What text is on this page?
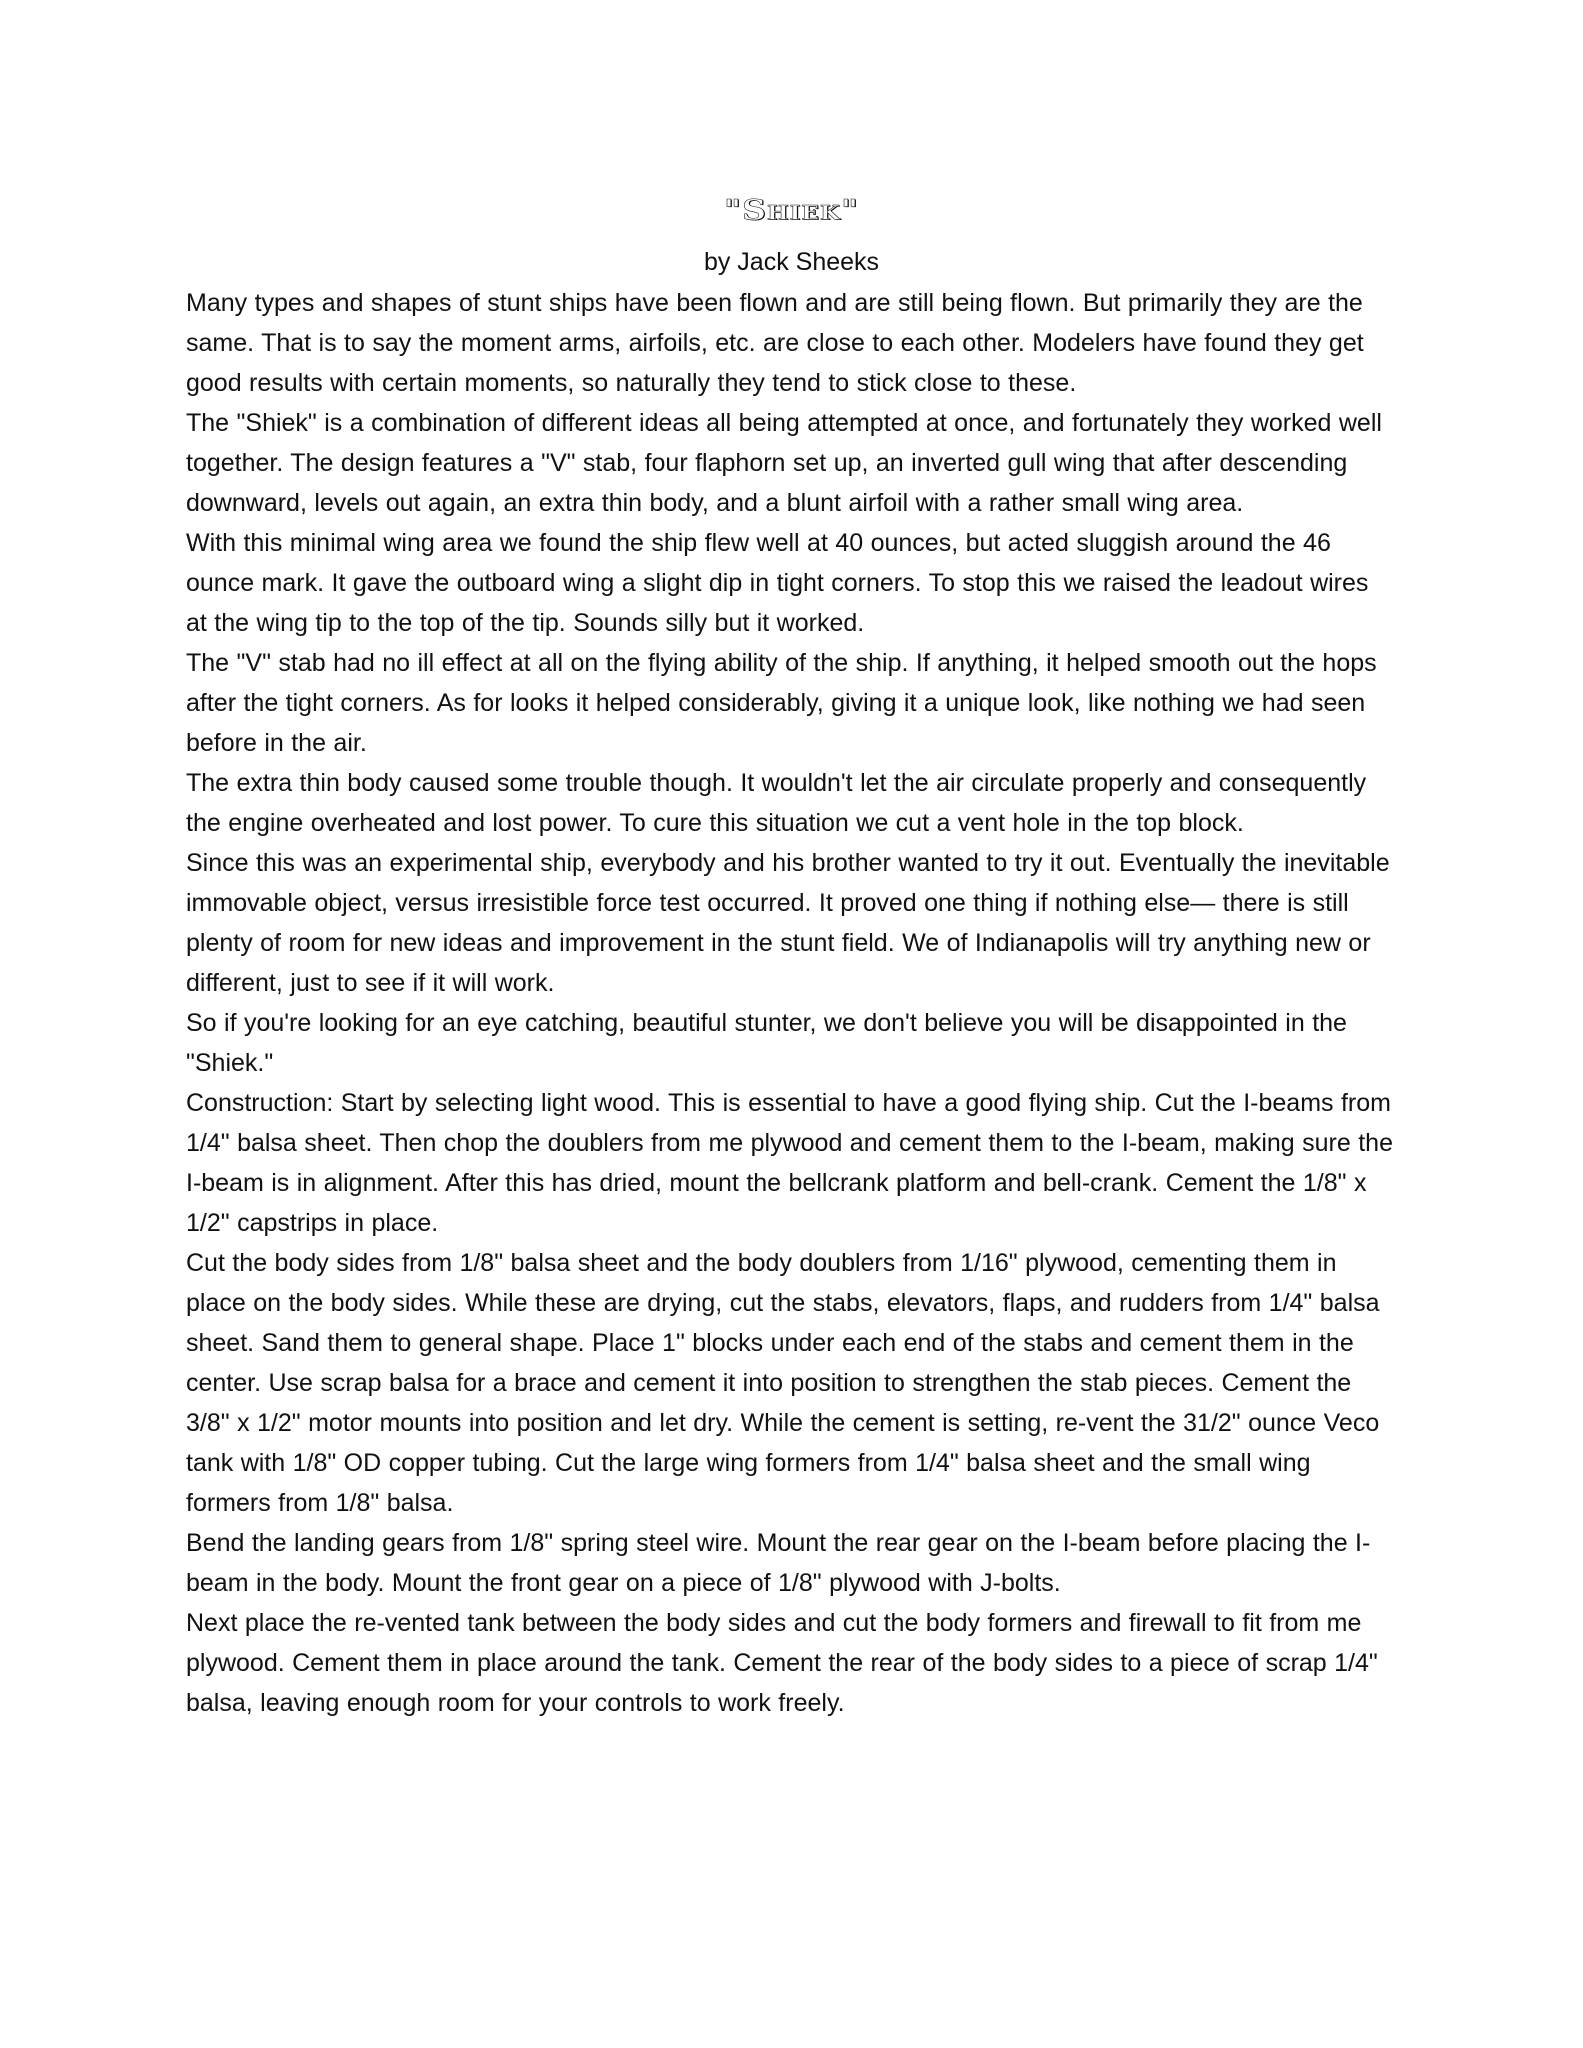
"Shiek"
by Jack Sheeks

Many types and shapes of stunt ships have been flown and are still being flown. But primarily they are the same. That is to say the moment arms, airfoils, etc. are close to each other. Modelers have found they get good results with certain moments, so naturally they tend to stick close to these.

The "Shiek" is a combination of different ideas all being attempted at once, and fortunately they worked well together. The design features a "V" stab, four flaphorn set up, an inverted gull wing that after descending downward, levels out again, an extra thin body, and a blunt airfoil with a rather small wing area.

With this minimal wing area we found the ship flew well at 40 ounces, but acted sluggish around the 46 ounce mark. It gave the outboard wing a slight dip in tight corners. To stop this we raised the leadout wires at the wing tip to the top of the tip. Sounds silly but it worked.

The "V" stab had no ill effect at all on the flying ability of the ship. If anything, it helped smooth out the hops after the tight corners. As for looks it helped considerably, giving it a unique look, like nothing we had seen before in the air.

The extra thin body caused some trouble though. It wouldn't let the air circulate properly and consequently the engine overheated and lost power. To cure this situation we cut a vent hole in the top block.

Since this was an experimental ship, everybody and his brother wanted to try it out. Eventually the inevitable immovable object, versus irresistible force test occurred. It proved one thing if nothing else— there is still plenty of room for new ideas and improvement in the stunt field. We of Indianapolis will try anything new or different, just to see if it will work.

So if you're looking for an eye catching, beautiful stunter, we don't believe you will be disappointed in the "Shiek."

Construction: Start by selecting light wood. This is essential to have a good flying ship. Cut the I-beams from 1/4" balsa sheet. Then chop the doublers from me plywood and cement them to the I-beam, making sure the I-beam is in alignment. After this has dried, mount the bellcrank platform and bell-crank. Cement the 1/8" x 1/2" capstrips in place.

Cut the body sides from 1/8" balsa sheet and the body doublers from 1/16" plywood, cementing them in place on the body sides. While these are drying, cut the stabs, elevators, flaps, and rudders from 1/4" balsa sheet. Sand them to general shape. Place 1" blocks under each end of the stabs and cement them in the center. Use scrap balsa for a brace and cement it into position to strengthen the stab pieces. Cement the 3/8" x 1/2" motor mounts into position and let dry. While the cement is setting, re-vent the 31/2" ounce Veco tank with 1/8" OD copper tubing. Cut the large wing formers from 1/4" balsa sheet and the small wing formers from 1/8" balsa.

Bend the landing gears from 1/8" spring steel wire. Mount the rear gear on the I-beam before placing the I-beam in the body. Mount the front gear on a piece of 1/8" plywood with J-bolts.

Next place the re-vented tank between the body sides and cut the body formers and firewall to fit from me plywood. Cement them in place around the tank. Cement the rear of the body sides to a piece of scrap 1/4" balsa, leaving enough room for your controls to work freely.
